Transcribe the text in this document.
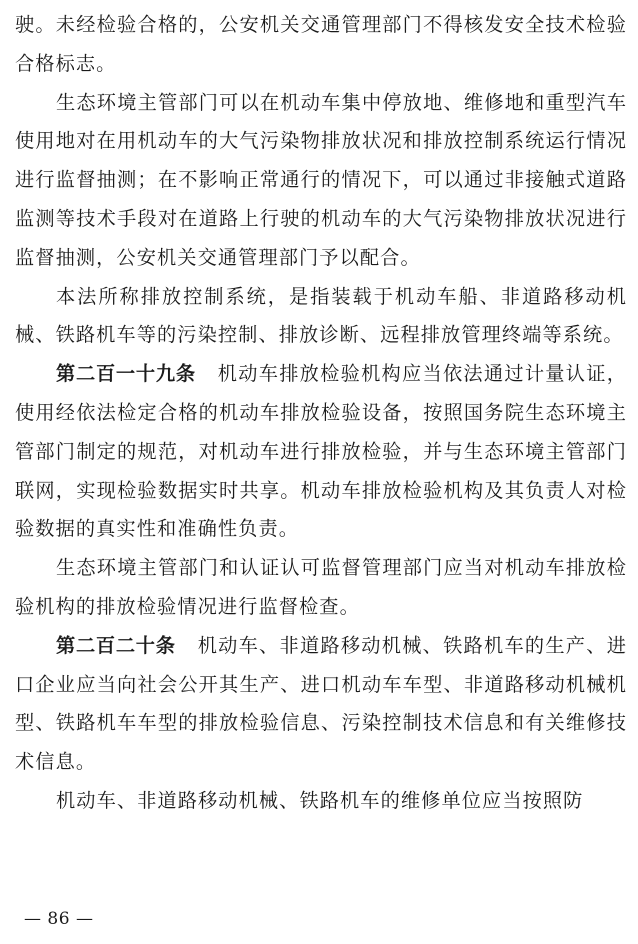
驶。未经检验合格的，公安机关交通管理部门不得核发安全技术检验合格标志。

生态环境主管部门可以在机动车集中停放地、维修地和重型汽车使用地对在用机动车的大气污染物排放状况和排放控制系统运行情况进行监督抽测；在不影响正常通行的情况下，可以通过非接触式道路监测等技术手段对在道路上行驶的机动车的大气污染物排放状况进行监督抽测，公安机关交通管理部门予以配合。

本法所称排放控制系统，是指装载于机动车船、非道路移动机械、铁路机车等的污染控制、排放诊断、远程排放管理终端等系统。

第二百一十九条 机动车排放检验机构应当依法通过计量认证，使用经依法检定合格的机动车排放检验设备，按照国务院生态环境主管部门制定的规范，对机动车进行排放检验，并与生态环境主管部门联网，实现检验数据实时共享。机动车排放检验机构及其负责人对检验数据的真实性和准确性负责。

生态环境主管部门和认证认可监督管理部门应当对机动车排放检验机构的排放检验情况进行监督检查。

第二百二十条 机动车、非道路移动机械、铁路机车的生产、进口企业应当向社会公开其生产、进口机动车车型、非道路移动机械机型、铁路机车车型的排放检验信息、污染控制技术信息和有关维修技术信息。

机动车、非道路移动机械、铁路机车的维修单位应当按照防

— 86 —
